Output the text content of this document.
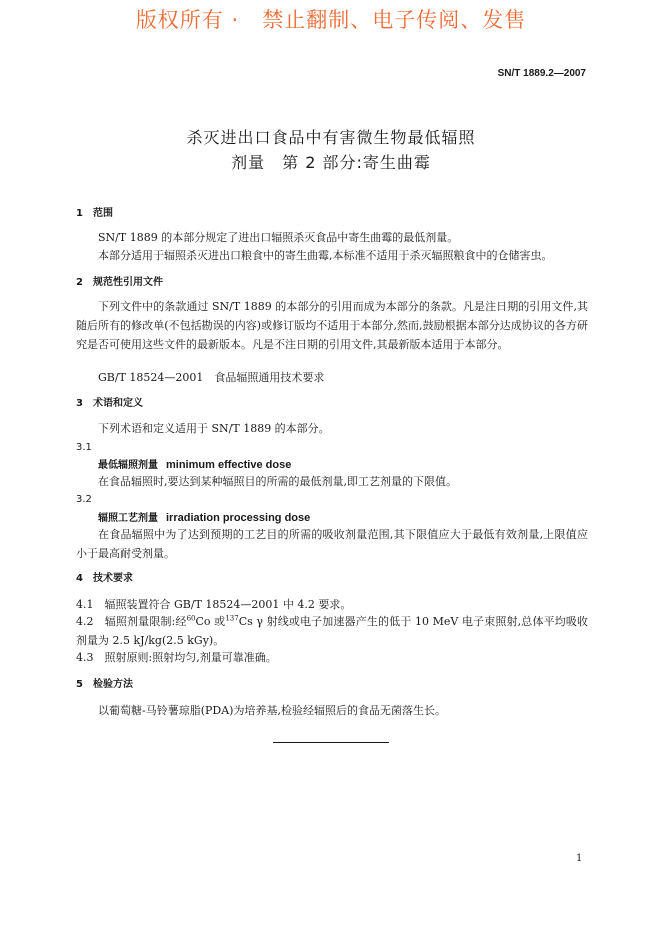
版权所有 ·   禁止翻制、电子传阅、发售
SN/T 1889.2—2007
杀灭进出口食品中有害微生物最低辐照
剂量　第 2 部分:寄生曲霉
1　范围
SN/T 1889 的本部分规定了进出口辐照杀灭食品中寄生曲霉的最低剂量。
本部分适用于辐照杀灭进出口粮食中的寄生曲霉,本标准不适用于杀灭辐照粮食中的仓储害虫。
2　规范性引用文件
下列文件中的条款通过 SN/T 1889 的本部分的引用而成为本部分的条款。凡是注日期的引用文件,其随后所有的修改单(不包括勘误的内容)或修订版均不适用于本部分,然而,鼓励根据本部分达成协议的各方研究是否可使用这些文件的最新版本。凡是不注日期的引用文件,其最新版本适用于本部分。
GB/T 18524—2001　食品辐照通用技术要求
3　术语和定义
下列术语和定义适用于 SN/T 1889 的本部分。
3.1
最低辐照剂量 minimum effective dose
在食品辐照时,要达到某种辐照目的所需的最低剂量,即工艺剂量的下限值。
3.2
辐照工艺剂量 irradiation processing dose
在食品辐照中为了达到预期的工艺目的所需的吸收剂量范围,其下限值应大于最低有效剂量,上限值应小于最高耐受剂量。
4　技术要求
4.1　辐照装置符合 GB/T 18524—2001 中 4.2 要求。
4.2　辐照剂量限制:经$^{60}$Co 或$^{137}$Cs γ 射线或电子加速器产生的低于 10 MeV 电子束照射,总体平均吸收剂量为 2.5 kJ/kg(2.5 kGy)。
4.3　照射原则:照射均匀,剂量可靠准确。
5　检验方法
以葡萄糖-马铃薯琼脂(PDA)为培养基,检验经辐照后的食品无菌落生长。
1
